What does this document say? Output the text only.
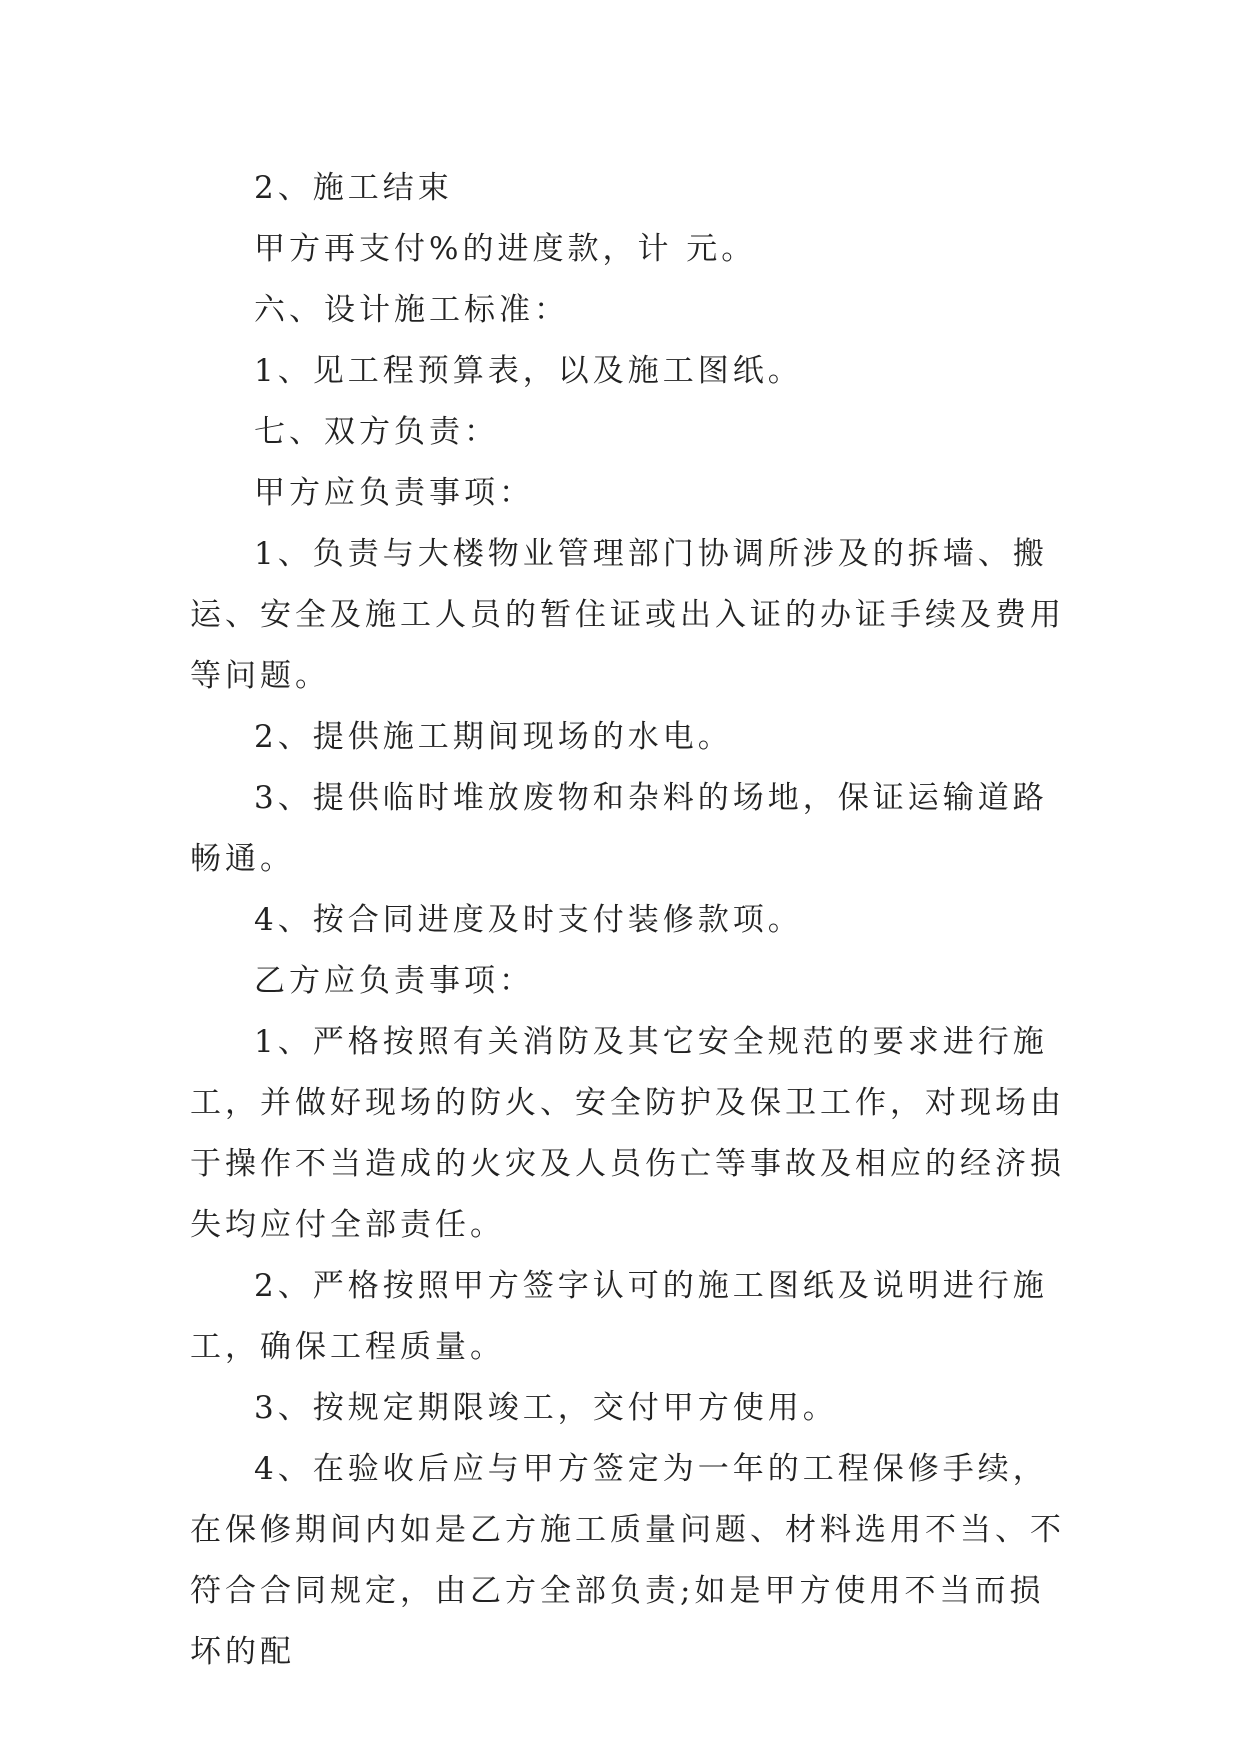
2、施工结束

甲方再支付%的进度款，计 元。

六、设计施工标准：

1、见工程预算表，以及施工图纸。

七、双方负责：

甲方应负责事项：

1、负责与大楼物业管理部门协调所涉及的拆墙、搬运、安全及施工人员的暂住证或出入证的办证手续及费用等问题。

2、提供施工期间现场的水电。

3、提供临时堆放废物和杂料的场地，保证运输道路畅通。

4、按合同进度及时支付装修款项。

乙方应负责事项：

1、严格按照有关消防及其它安全规范的要求进行施工，并做好现场的防火、安全防护及保卫工作，对现场由于操作不当造成的火灾及人员伤亡等事故及相应的经济损失均应付全部责任。

2、严格按照甲方签字认可的施工图纸及说明进行施工，确保工程质量。

3、按规定期限竣工，交付甲方使用。

4、在验收后应与甲方签定为一年的工程保修手续，在保修期间内如是乙方施工质量问题、材料选用不当、不符合合同规定，由乙方全部负责;如是甲方使用不当而损坏的配
